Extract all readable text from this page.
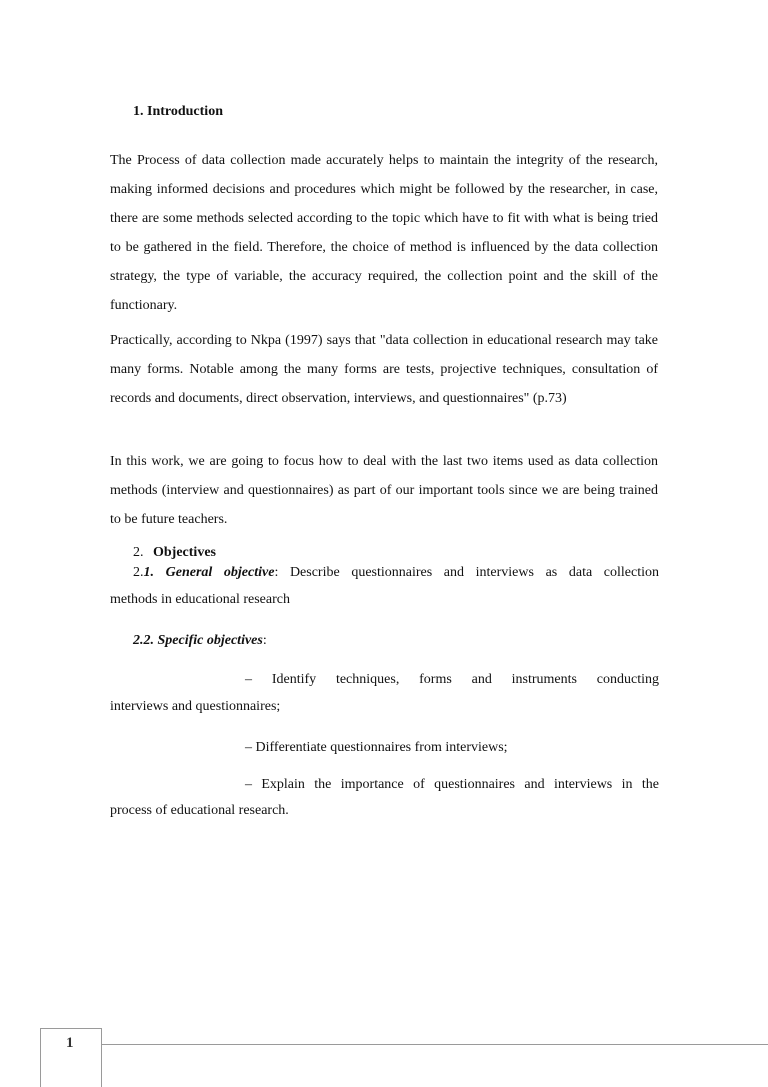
1. Introduction

The Process of data collection made accurately helps to maintain the integrity of the research, making informed decisions and procedures which might be followed by the researcher, in case, there are some methods selected according to the topic which have to fit with what is being tried to be gathered in the field. Therefore, the choice of method is influenced by the data collection strategy, the type of variable, the accuracy required, the collection point and the skill of the functionary.

Practically, according to Nkpa (1997) says that "data collection in educational research may take many forms. Notable among the many forms are tests, projective techniques, consultation of records and documents, direct observation, interviews, and questionnaires" (p.73)

In this work, we are going to focus how to deal with the last two items used as data collection methods (interview and questionnaires) as part of our important tools since we are being trained to be future teachers.

2. Objectives
2.1. General objective: Describe questionnaires and interviews as data collection
methods in educational research
2.2. Specific objectives:
– Identify techniques, forms and instruments conducting
interviews and questionnaires;
– Differentiate questionnaires from interviews;
– Explain the importance of questionnaires and interviews in the
process of educational research.
1
